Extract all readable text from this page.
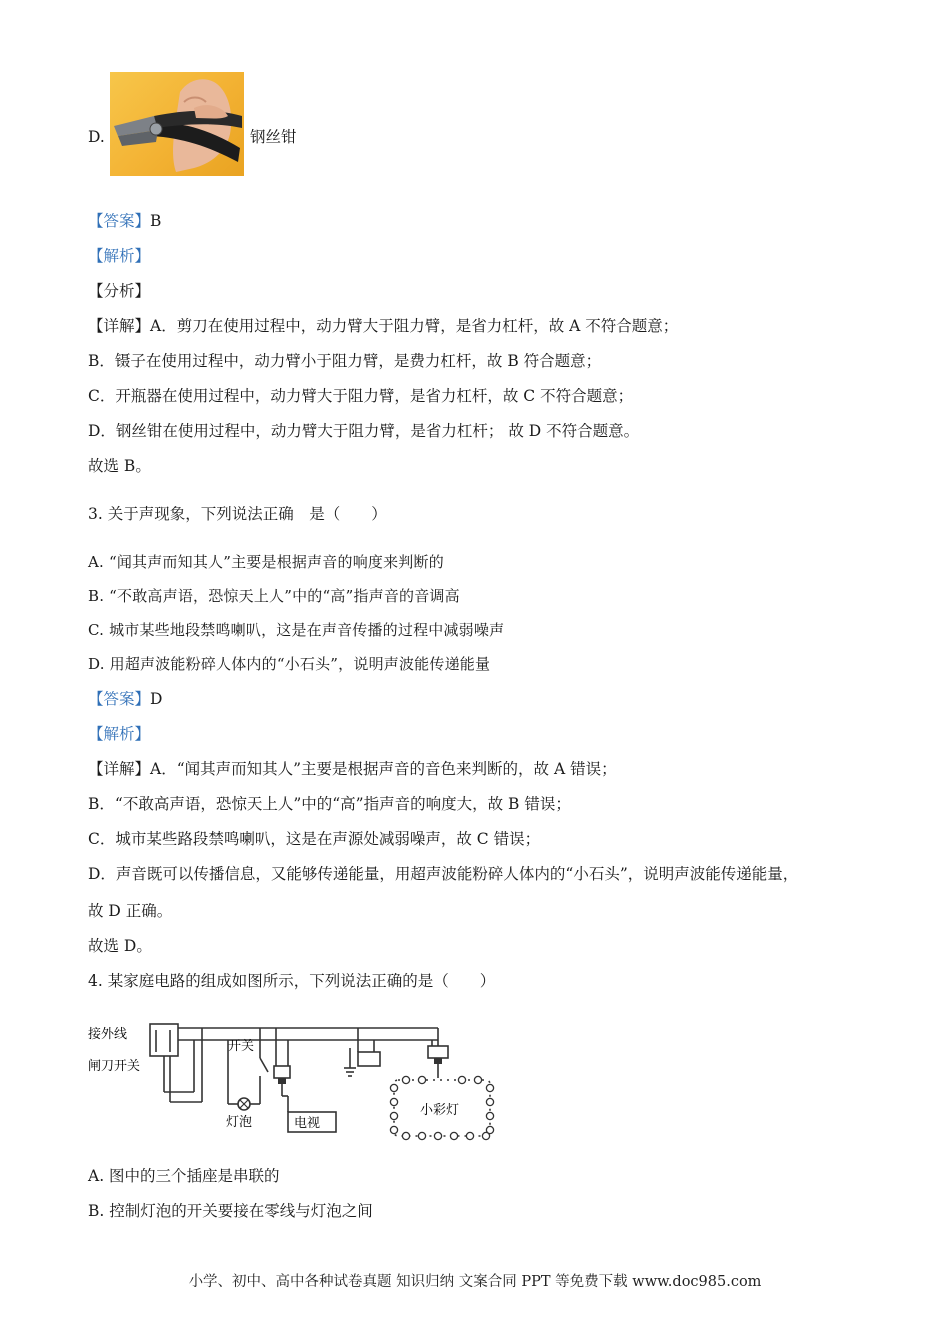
D.	钢丝钳
【答案】B
【解析】
【分析】
【详解】A．剪刀在使用过程中，动力臂大于阻力臂，是省力杠杆，故 A 不符合题意；
B．镊子在使用过程中，动力臂小于阻力臂，是费力杠杆，故 B 符合题意；
C．开瓶器在使用过程中，动力臂大于阻力臂，是省力杠杆，故 C 不符合题意；
D．钢丝钳在使用过程中，动力臂大于阻力臂，是省力杠杆； 故 D 不符合题意。
故选 B。
3. 关于声现象，下列说法正确　是（　　）
A. “闻其声而知其人”主要是根据声音的响度来判断的
B. “不敢高声语，恐惊天上人”中的“高”指声音的音调高
C. 城市某些地段禁鸣喇叭，这是在声音传播的过程中减弱噪声
D. 用超声波能粉碎人体内的“小石头”，说明声波能传递能量
【答案】D
【解析】
【详解】A．“闻其声而知其人”主要是根据声音的音色来判断的，故 A 错误；
B．“不敢高声语，恐惊天上人”中的“高”指声音的响度大，故 B 错误；
C．城市某些路段禁鸣喇叭，这是在声源处减弱噪声，故 C 错误；
D．声音既可以传播信息，又能够传递能量，用超声波能粉碎人体内的“小石头”，说明声波能传递能量，
故 D 正确。
故选 D。
4. 某家庭电路的组成如图所示，下列说法正确的是（　　）
接外线
闸刀开关
开关
灯泡	电视
小彩灯
A. 图中的三个插座是串联的
B. 控制灯泡的开关要接在零线与灯泡之间
小学、初中、高中各种试卷真题 知识归纳 文案合同 PPT 等免费下载 www.doc985.com
